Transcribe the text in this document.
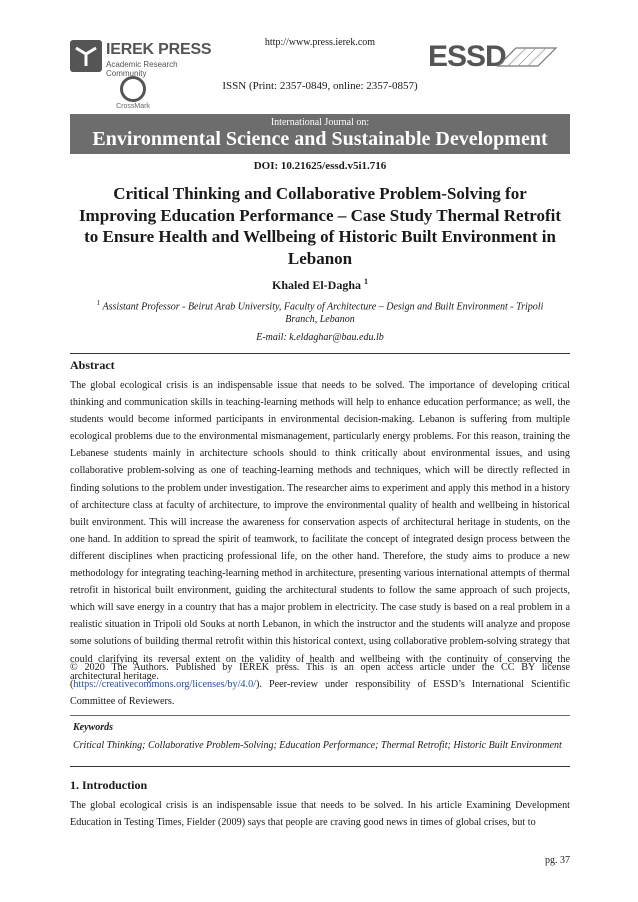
http://www.press.ierek.com
IEREK PRESS
Academic Research Community
CrossMark
ESSD
ISSN (Print: 2357-0849, online: 2357-0857)
International Journal on:
Environmental Science and Sustainable Development
DOI: 10.21625/essd.v5i1.716
Critical Thinking and Collaborative Problem-Solving for
Improving Education Performance – Case Study Thermal Retrofit
to Ensure Health and Wellbeing of Historic Built Environment in
Lebanon
Khaled El-Dagha $^1$
$^1$ Assistant Professor - Beirut Arab University, Faculty of Architecture – Design and Built Environment - Tripoli
Branch, Lebanon
E-mail: k.eldaghar@bau.edu.lb
Abstract
The global ecological crisis is an indispensable issue that needs to be solved. The importance of developing critical thinking and communication skills in teaching-learning methods will help to enhance education performance; as well, the students would become informed participants in environmental decision-making. Lebanon is suffering from multiple ecological problems due to the environmental mismanagement, particularly energy problems. For this reason, training the Lebanese students mainly in architecture schools should to think critically about environmental issues, and using collaborative problem-solving as one of teaching-learning methods and techniques, which will be directly reflected in finding solutions to the problem under investigation. The researcher aims to experiment and apply this method in a history of architecture class at faculty of architecture, to improve the environmental quality of health and wellbeing in historical built environment. This will increase the awareness for conservation aspects of architectural heritage in students, on the one hand. In addition to spread the spirit of teamwork, to facilitate the concept of integrated design process between the different disciplines when practicing professional life, on the other hand. Therefore, the study aims to produce a new methodology for integrating teaching-learning method in architecture, presenting various international attempts of thermal retrofit in historical built environment, guiding the architectural students to follow the same approach of such projects, which will save energy in a country that has a major problem in electricity. The case study is based on a real problem in a realistic situation in Tripoli old Souks at north Lebanon, in which the instructor and the students will analyze and propose some solutions of building thermal retrofit within this historical context, using collaborative problem-solving strategy that could clarifying its reversal extent on the validity of health and wellbeing with the continuity of conserving the architectural heritage.
© 2020 The Authors. Published by IEREK press. This is an open access article under the CC BY license (https://creativecommons.org/licenses/by/4.0/). Peer-review under responsibility of ESSD’s International Scientific Committee of Reviewers.
Keywords
Critical Thinking; Collaborative Problem-Solving; Education Performance; Thermal Retrofit; Historic Built Environment
1. Introduction
The global ecological crisis is an indispensable issue that needs to be solved. In his article Examining Development Education in Testing Times, Fielder (2009) says that people are craving good news in times of global crises, but to
pg. 37
